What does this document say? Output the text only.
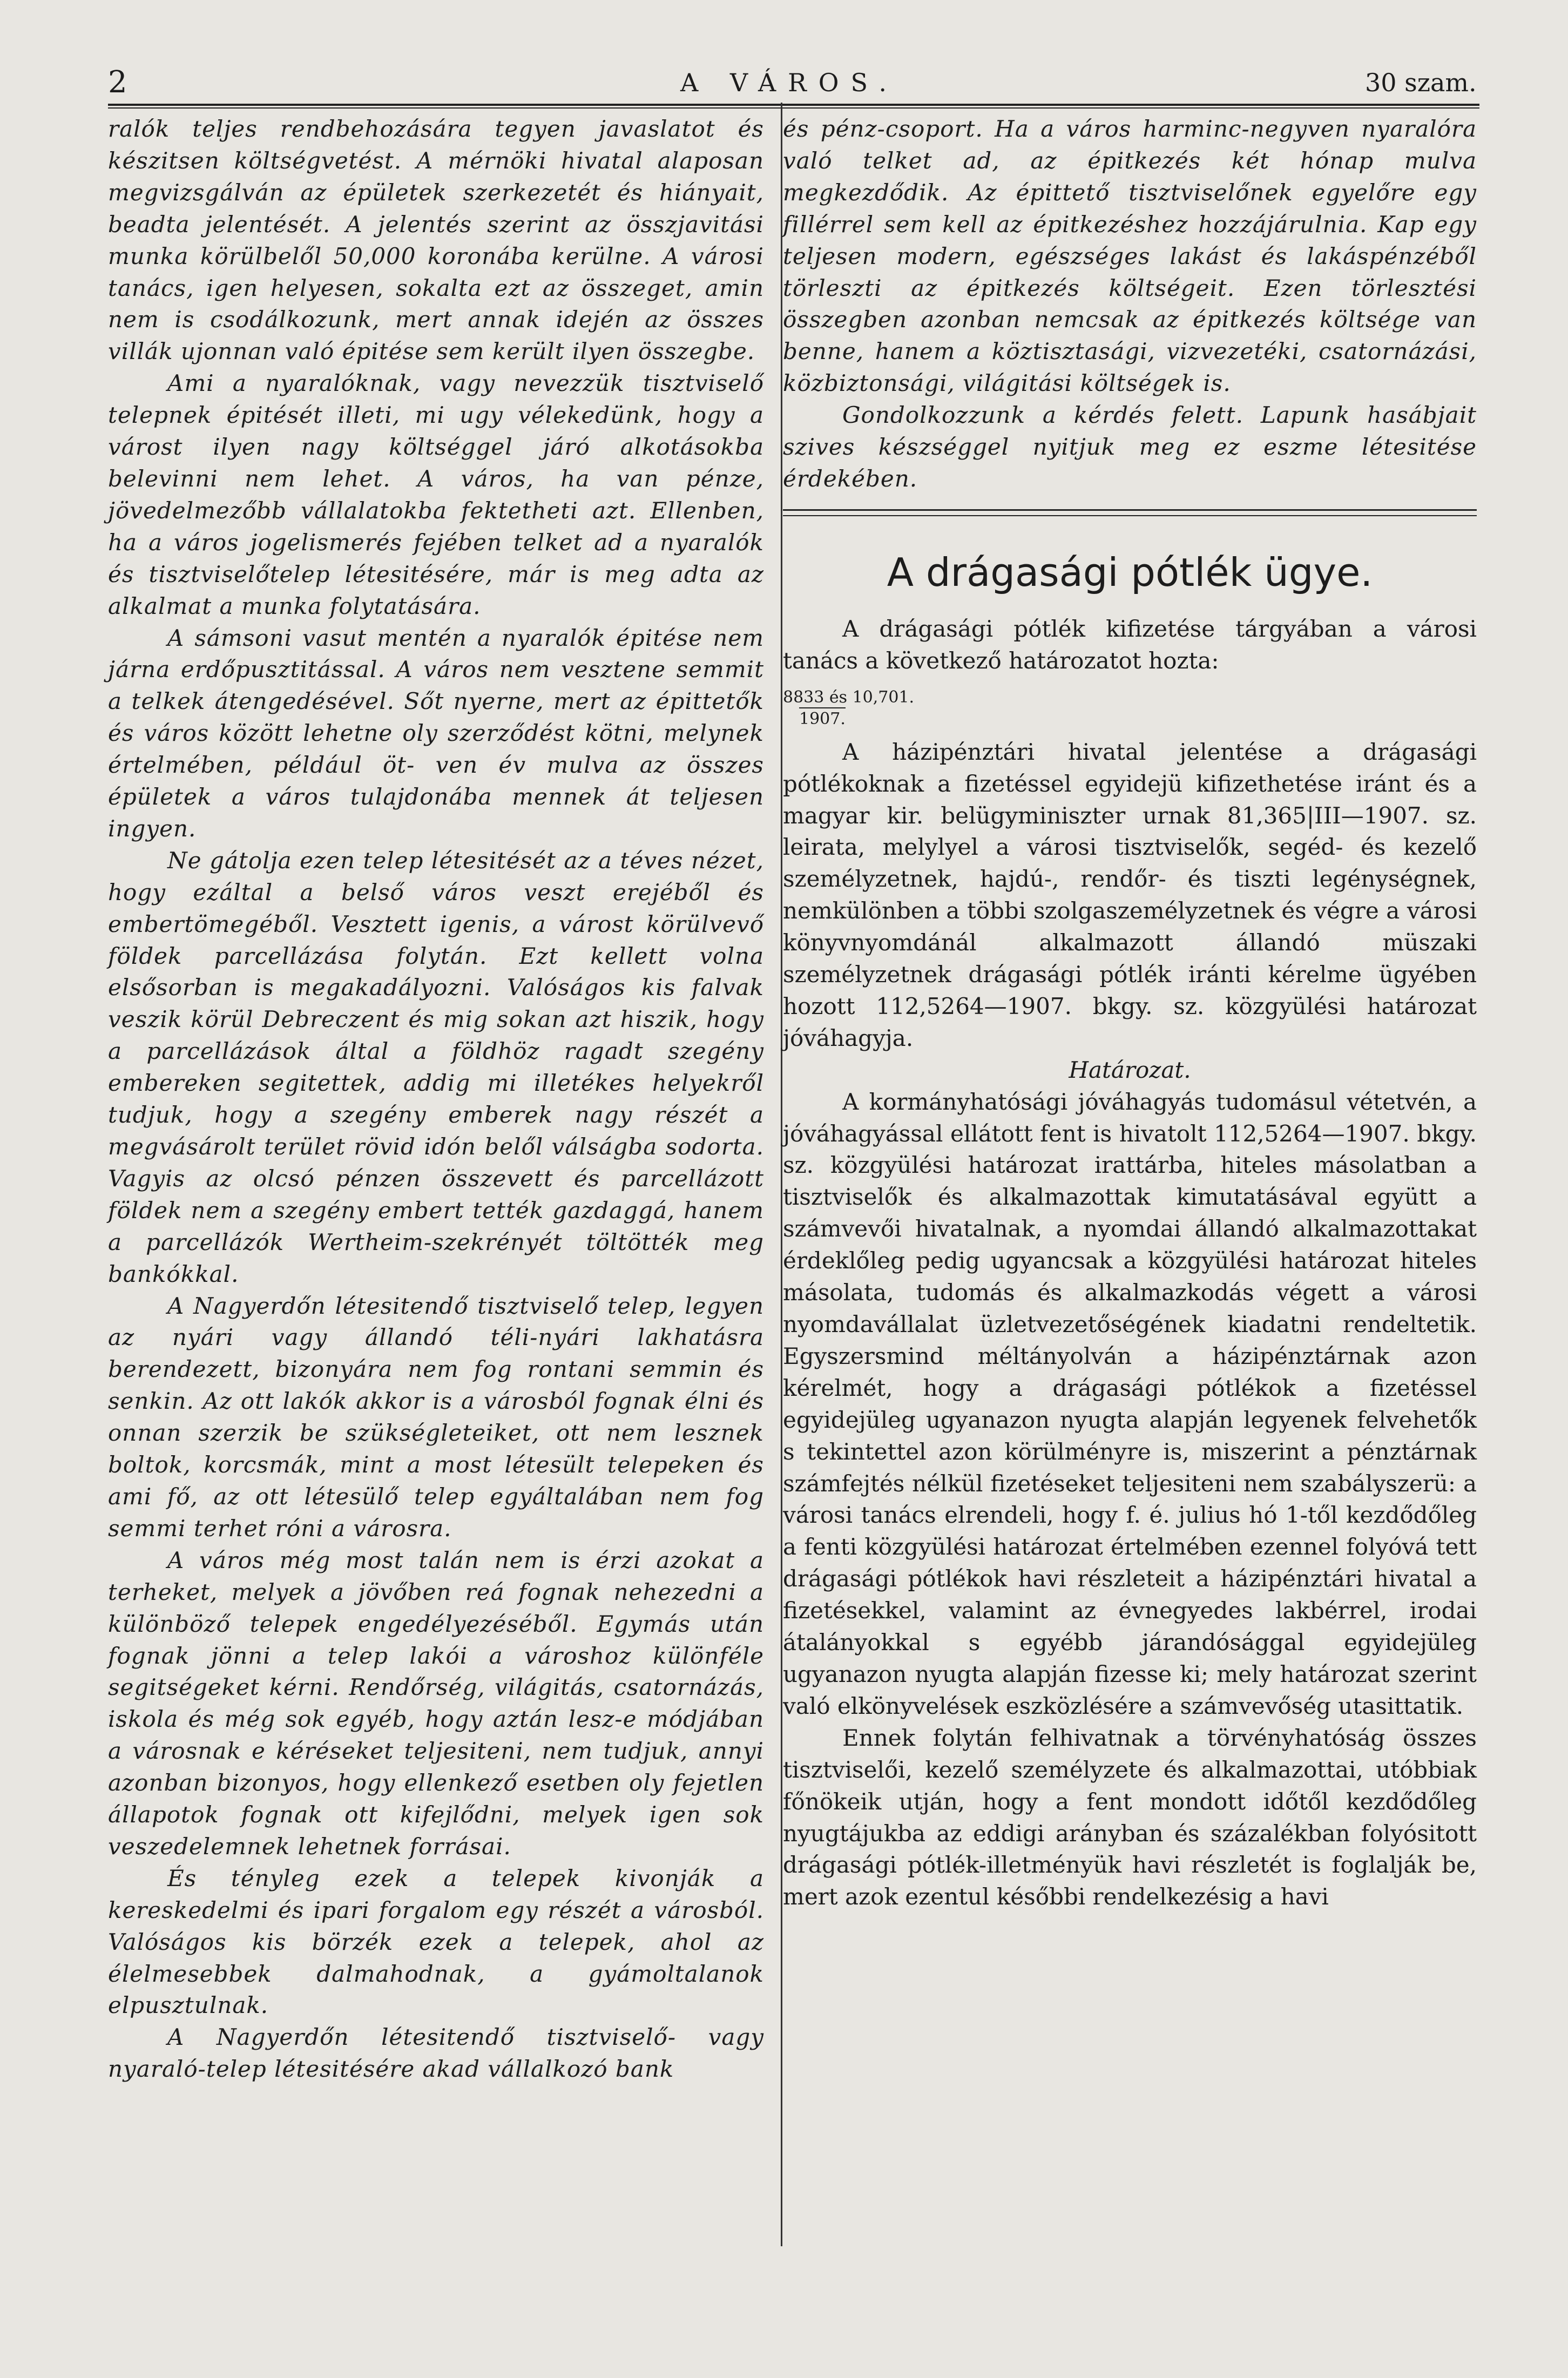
2	A VÁROS.	30 szam.

ralók teljes rendbehozására tegyen javaslatot és készitsen költségvetést. A mérnöki hivatal alaposan megvizsgálván az épületek szerkezetét és hiányait, beadta jelentését. A jelentés szerint az összjavitási munka körülbelől 50,000 koronába kerülne. A városi tanács, igen helyesen, sokalta ezt az összeget, amin nem is csodálkozunk, mert annak idején az összes villák ujonnan való épitése sem került ilyen összegbe.

Ami a nyaralóknak, vagy nevezzük tisztviselő telepnek épitését illeti, mi ugy vélekedünk, hogy a várost ilyen nagy költséggel járó alkotásokba belevinni nem lehet. A város, ha van pénze, jövedelmezőbb vállalatokba fektetheti azt. Ellenben, ha a város jogelismerés fejében telket ad a nyaralók és tisztviselőtelep létesitésére, már is meg adta az alkalmat a munka folytatására.

A sámsoni vasut mentén a nyaralók épitése nem járna erdőpusztitással. A város nem vesztene semmit a telkek átengedésével. Sőt nyerne, mert az épittetők és város között lehetne oly szerződést kötni, melynek értelmében, például öt- ven év mulva az összes épületek a város tulajdonába mennek át teljesen ingyen.

Ne gátolja ezen telep létesitését az a téves nézet, hogy ezáltal a belső város veszt erejéből és embertömegéből. Vesztett igenis, a várost körülvevő földek parcellázása folytán. Ezt kellett volna elsősorban is megakadályozni. Valóságos kis falvak veszik körül Debreczent és mig sokan azt hiszik, hogy a parcellázások által a földhöz ragadt szegény embereken segitettek, addig mi illetékes helyekről tudjuk, hogy a szegény emberek nagy részét a megvásárolt terület rövid idón belől válságba sodorta. Vagyis az olcsó pénzen összevett és parcellázott földek nem a szegény embert tették gazdaggá, hanem a parcellázók Wertheim-szekrényét töltötték meg bankókkal.

A Nagyerdőn létesitendő tisztviselő telep, legyen az nyári vagy állandó téli-nyári lakhatásra berendezett, bizonyára nem fog rontani semmin és senkin. Az ott lakók akkor is a városból fognak élni és onnan szerzik be szükségleteiket, ott nem lesznek boltok, korcsmák, mint a most létesült telepeken és ami fő, az ott létesülő telep egyáltalában nem fog semmi terhet róni a városra.

A város még most talán nem is érzi azokat a terheket, melyek a jövőben reá fognak nehezedni a különböző telepek engedélyezéséből. Egymás után fognak jönni a telep lakói a városhoz különféle segitségeket kérni. Rendőrség, világitás, csatornázás, iskola és még sok egyéb, hogy aztán lesz-e módjában a városnak e kéréseket teljesiteni, nem tudjuk, annyi azonban bizonyos, hogy ellenkező esetben oly fejetlen állapotok fognak ott kifejlődni, melyek igen sok veszedelemnek lehetnek forrásai.

És tényleg ezek a telepek kivonják a kereskedelmi és ipari forgalom egy részét a városból. Valóságos kis börzék ezek a telepek, ahol az élelmesebbek dalmahodnak, a gyámoltalanok elpusztulnak.

A Nagyerdőn létesitendő tisztviselő- vagy nyaraló-telep létesitésére akad vállalkozó bank

és pénz-csoport. Ha a város harminc-negyven nyaralóra való telket ad, az épitkezés két hónap mulva megkezdődik. Az épittető tisztviselőnek egyelőre egy fillérrel sem kell az épitkezéshez hozzájárulnia. Kap egy teljesen modern, egészséges lakást és lakáspénzéből törleszti az épitkezés költségeit. Ezen törlesztési összegben azonban nemcsak az épitkezés költsége van benne, hanem a köztisztasági, vizvezetéki, csatornázási, közbiztonsági, világitási költségek is.

Gondolkozzunk a kérdés felett. Lapunk hasábjait szives készséggel nyitjuk meg ez eszme létesitése érdekében.

A drágasági pótlék ügye.

A drágasági pótlék kifizetése tárgyában a városi tanács a következő határozatot hozta:

8833 és 10,701.
1907.

A házipénztári hivatal jelentése a drágasági pótlékoknak a fizetéssel egyidejü kifizethetése iránt és a magyar kir. belügyminiszter urnak 81,365|III—1907. sz. leirata, melylyel a városi tisztviselők, segéd- és kezelő személyzetnek, hajdú-, rendőr- és tiszti legénységnek, nemkülönben a többi szolgaszemélyzetnek és végre a városi könyvnyomdánál alkalmazott állandó müszaki személyzetnek drágasági pótlék iránti kérelme ügyében hozott 112,5264—1907. bkgy. sz. közgyülési határozat jóváhagyja.

Határozat.

A kormányhatósági jóváhagyás tudomásul vétetvén, a jóváhagyással ellátott fent is hivatolt 112,5264—1907. bkgy. sz. közgyülési határozat irattárba, hiteles másolatban a tisztviselők és alkalmazottak kimutatásával együtt a számvevői hivatalnak, a nyomdai állandó alkalmazottakat érdeklőleg pedig ugyancsak a közgyülési határozat hiteles másolata, tudomás és alkalmazkodás végett a városi nyomdavállalat üzletvezetőségének kiadatni rendeltetik. Egyszersmind méltányolván a házipénztárnak azon kérelmét, hogy a drágasági pótlékok a fizetéssel egyidejüleg ugyanazon nyugta alapján legyenek felvehetők s tekintettel azon körülményre is, miszerint a pénztárnak számfejtés nélkül fizetéseket teljesiteni nem szabályszerü: a városi tanács elrendeli, hogy f. é. julius hó 1-től kezdődőleg a fenti közgyülési határozat értelmében ezennel folyóvá tett drágasági pótlékok havi részleteit a házipénztári hivatal a fizetésekkel, valamint az évnegyedes lakbérrel, irodai átalányokkal s egyébb járandósággal egyidejüleg ugyanazon nyugta alapján fizesse ki; mely határozat szerint való elkönyvelések eszközlésére a számvevőség utasittatik.

Ennek folytán felhivatnak a törvényhatóság összes tisztviselői, kezelő személyzete és alkalmazottai, utóbbiak főnökeik utján, hogy a fent mondott időtől kezdődőleg nyugtájukba az eddigi arányban és százalékban folyósitott drágasági pótlék-illetményük havi részletét is foglalják be, mert azok ezentul későbbi rendelkezésig a havi
